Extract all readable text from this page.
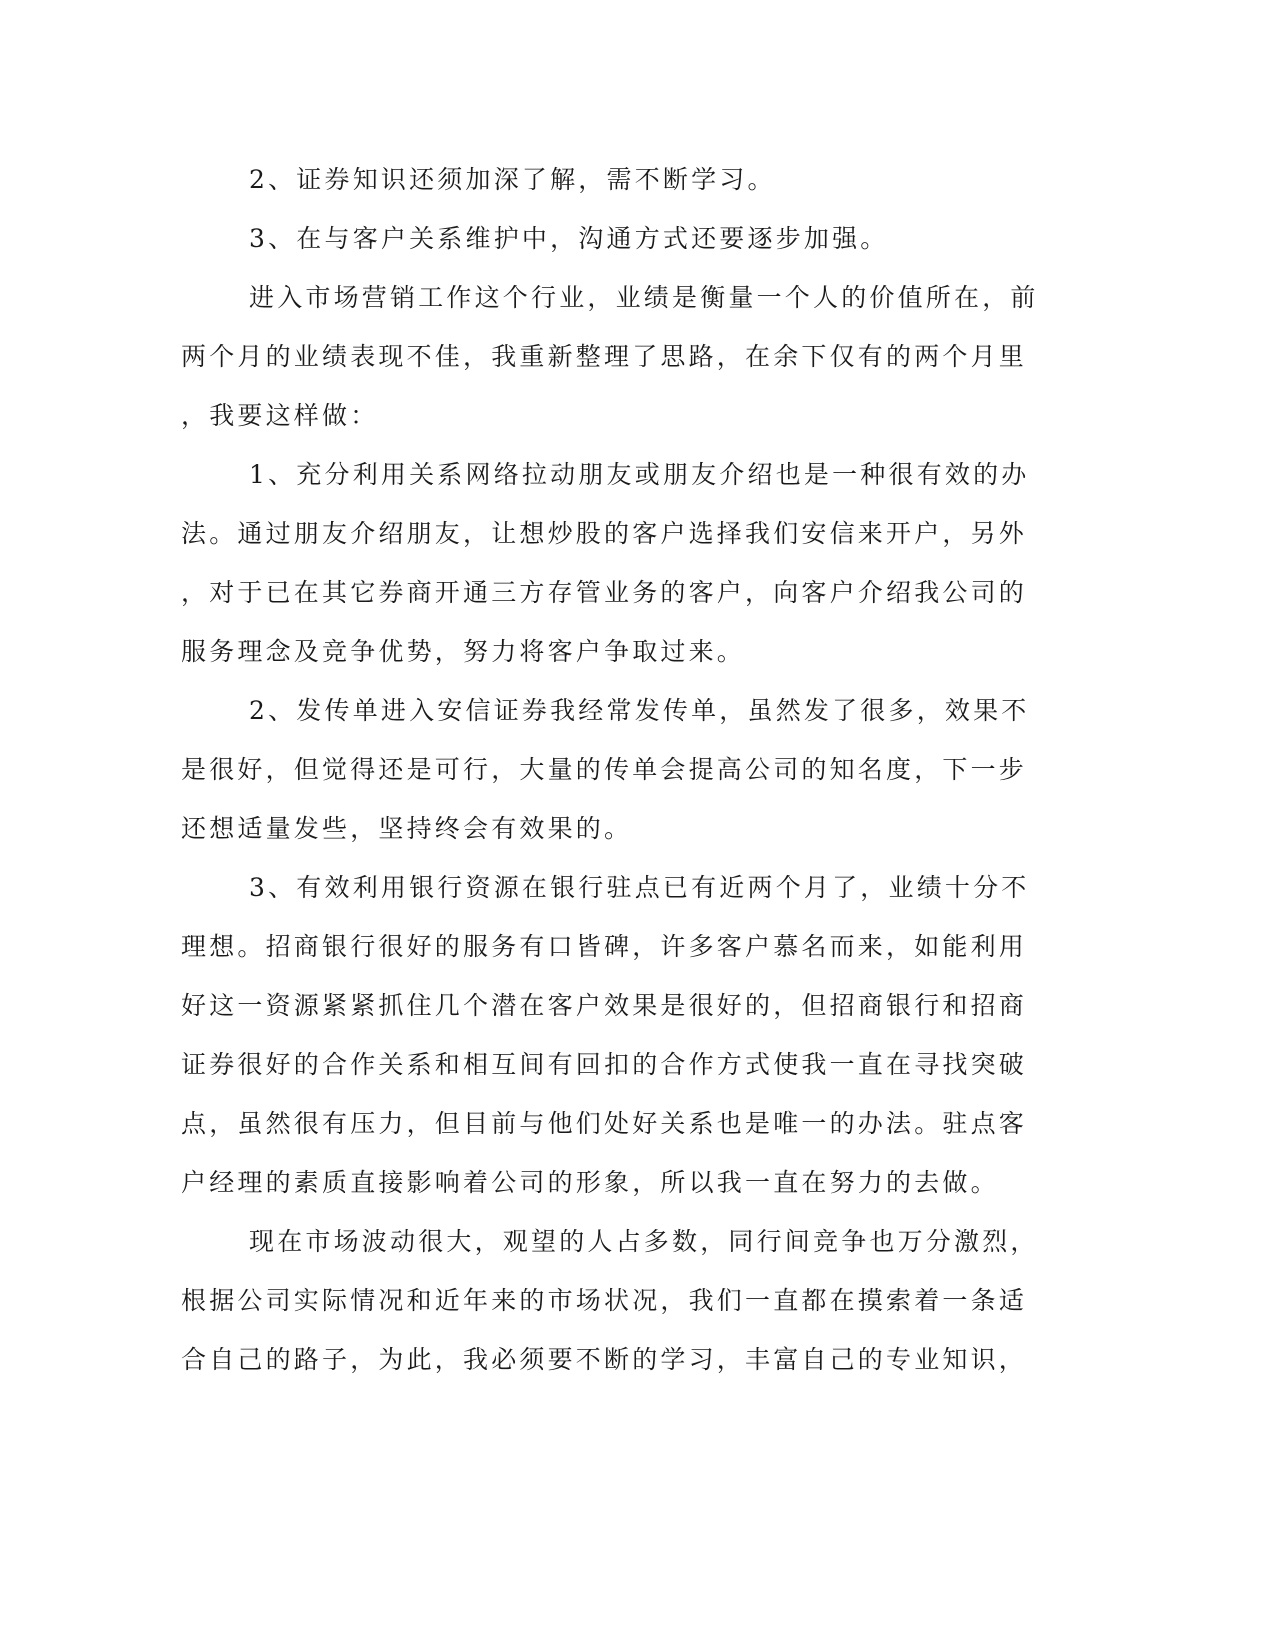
2、证券知识还须加深了解，需不断学习。
3、在与客户关系维护中，沟通方式还要逐步加强。
进入市场营销工作这个行业，业绩是衡量一个人的价值所在，前
两个月的业绩表现不佳，我重新整理了思路，在余下仅有的两个月里
，我要这样做：
1、充分利用关系网络拉动朋友或朋友介绍也是一种很有效的办
法。通过朋友介绍朋友，让想炒股的客户选择我们安信来开户，另外
，对于已在其它券商开通三方存管业务的客户，向客户介绍我公司的
服务理念及竞争优势，努力将客户争取过来。
2、发传单进入安信证券我经常发传单，虽然发了很多，效果不
是很好，但觉得还是可行，大量的传单会提高公司的知名度，下一步
还想适量发些，坚持终会有效果的。
3、有效利用银行资源在银行驻点已有近两个月了，业绩十分不
理想。招商银行很好的服务有口皆碑，许多客户慕名而来，如能利用
好这一资源紧紧抓住几个潜在客户效果是很好的，但招商银行和招商
证券很好的合作关系和相互间有回扣的合作方式使我一直在寻找突破
点，虽然很有压力，但目前与他们处好关系也是唯一的办法。驻点客
户经理的素质直接影响着公司的形象，所以我一直在努力的去做。
现在市场波动很大，观望的人占多数，同行间竞争也万分激烈，
根据公司实际情况和近年来的市场状况，我们一直都在摸索着一条适
合自己的路子，为此，我必须要不断的学习，丰富自己的专业知识，
